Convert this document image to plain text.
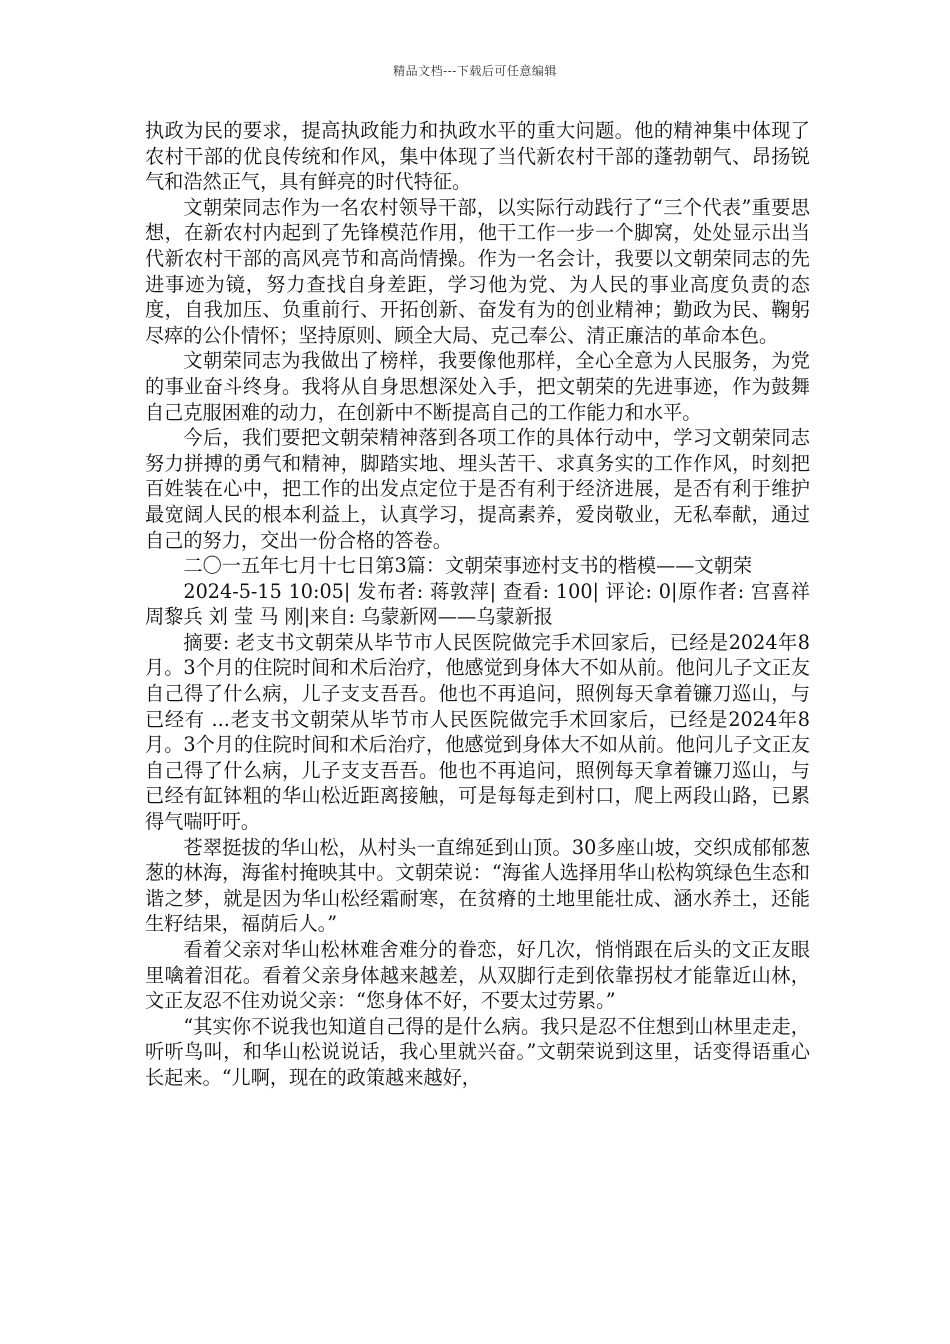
精品文档---下载后可任意编辑

执政为民的要求，提高执政能力和执政水平的重大问题。他的精神集中体现了农村干部的优良传统和作风，集中体现了当代新农村干部的蓬勃朝气、昂扬锐气和浩然正气，具有鲜亮的时代特征。

文朝荣同志作为一名农村领导干部，以实际行动践行了“三个代表”重要思想，在新农村内起到了先锋模范作用，他干工作一步一个脚窝，处处显示出当代新农村干部的高风亮节和高尚情操。作为一名会计，我要以文朝荣同志的先进事迹为镜，努力查找自身差距，学习他为党、为人民的事业高度负责的态度，自我加压、负重前行、开拓创新、奋发有为的创业精神；勤政为民、鞠躬尽瘁的公仆情怀；坚持原则、顾全大局、克己奉公、清正廉洁的革命本色。

文朝荣同志为我做出了榜样，我要像他那样，全心全意为人民服务，为党的事业奋斗终身。我将从自身思想深处入手，把文朝荣的先进事迹，作为鼓舞自己克服困难的动力，在创新中不断提高自己的工作能力和水平。

今后，我们要把文朝荣精神落到各项工作的具体行动中，学习文朝荣同志努力拼搏的勇气和精神，脚踏实地、埋头苦干、求真务实的工作作风，时刻把百姓装在心中，把工作的出发点定位于是否有利于经济进展，是否有利于维护最宽阔人民的根本利益上，认真学习，提高素养，爱岗敬业，无私奉献，通过自己的努力，交出一份合格的答卷。

二〇一五年七月十七日第3篇：文朝荣事迹村支书的楷模——文朝荣

2024-5-15 10:05| 发布者: 蒋敦萍| 查看: 100| 评论: 0|原作者: 宫喜祥 周黎兵 刘 莹 马 刚|来自: 乌蒙新网——乌蒙新报

摘要: 老支书文朝荣从毕节市人民医院做完手术回家后，已经是2024年8月。3个月的住院时间和术后治疗，他感觉到身体大不如从前。他问儿子文正友自己得了什么病，儿子支支吾吾。他也不再追问，照例每天拿着镰刀巡山，与已经有 ...老支书文朝荣从毕节市人民医院做完手术回家后，已经是2024年8月。3个月的住院时间和术后治疗，他感觉到身体大不如从前。他问儿子文正友自己得了什么病，儿子支支吾吾。他也不再追问，照例每天拿着镰刀巡山，与已经有缸钵粗的华山松近距离接触，可是每每走到村口，爬上两段山路，已累得气喘吁吁。

苍翠挺拔的华山松，从村头一直绵延到山顶。30多座山坡，交织成郁郁葱葱的林海，海雀村掩映其中。文朝荣说：“海雀人选择用华山松构筑绿色生态和谐之梦，就是因为华山松经霜耐寒，在贫瘠的土地里能壮成、涵水养土，还能生籽结果，福荫后人。”

看着父亲对华山松林难舍难分的眷恋，好几次，悄悄跟在后头的文正友眼里噙着泪花。看着父亲身体越来越差，从双脚行走到依靠拐杖才能靠近山林，文正友忍不住劝说父亲：“您身体不好，不要太过劳累。”

“其实你不说我也知道自己得的是什么病。我只是忍不住想到山林里走走，听听鸟叫，和华山松说说话，我心里就兴奋。”文朝荣说到这里，话变得语重心长起来。“儿啊，现在的政策越来越好，
